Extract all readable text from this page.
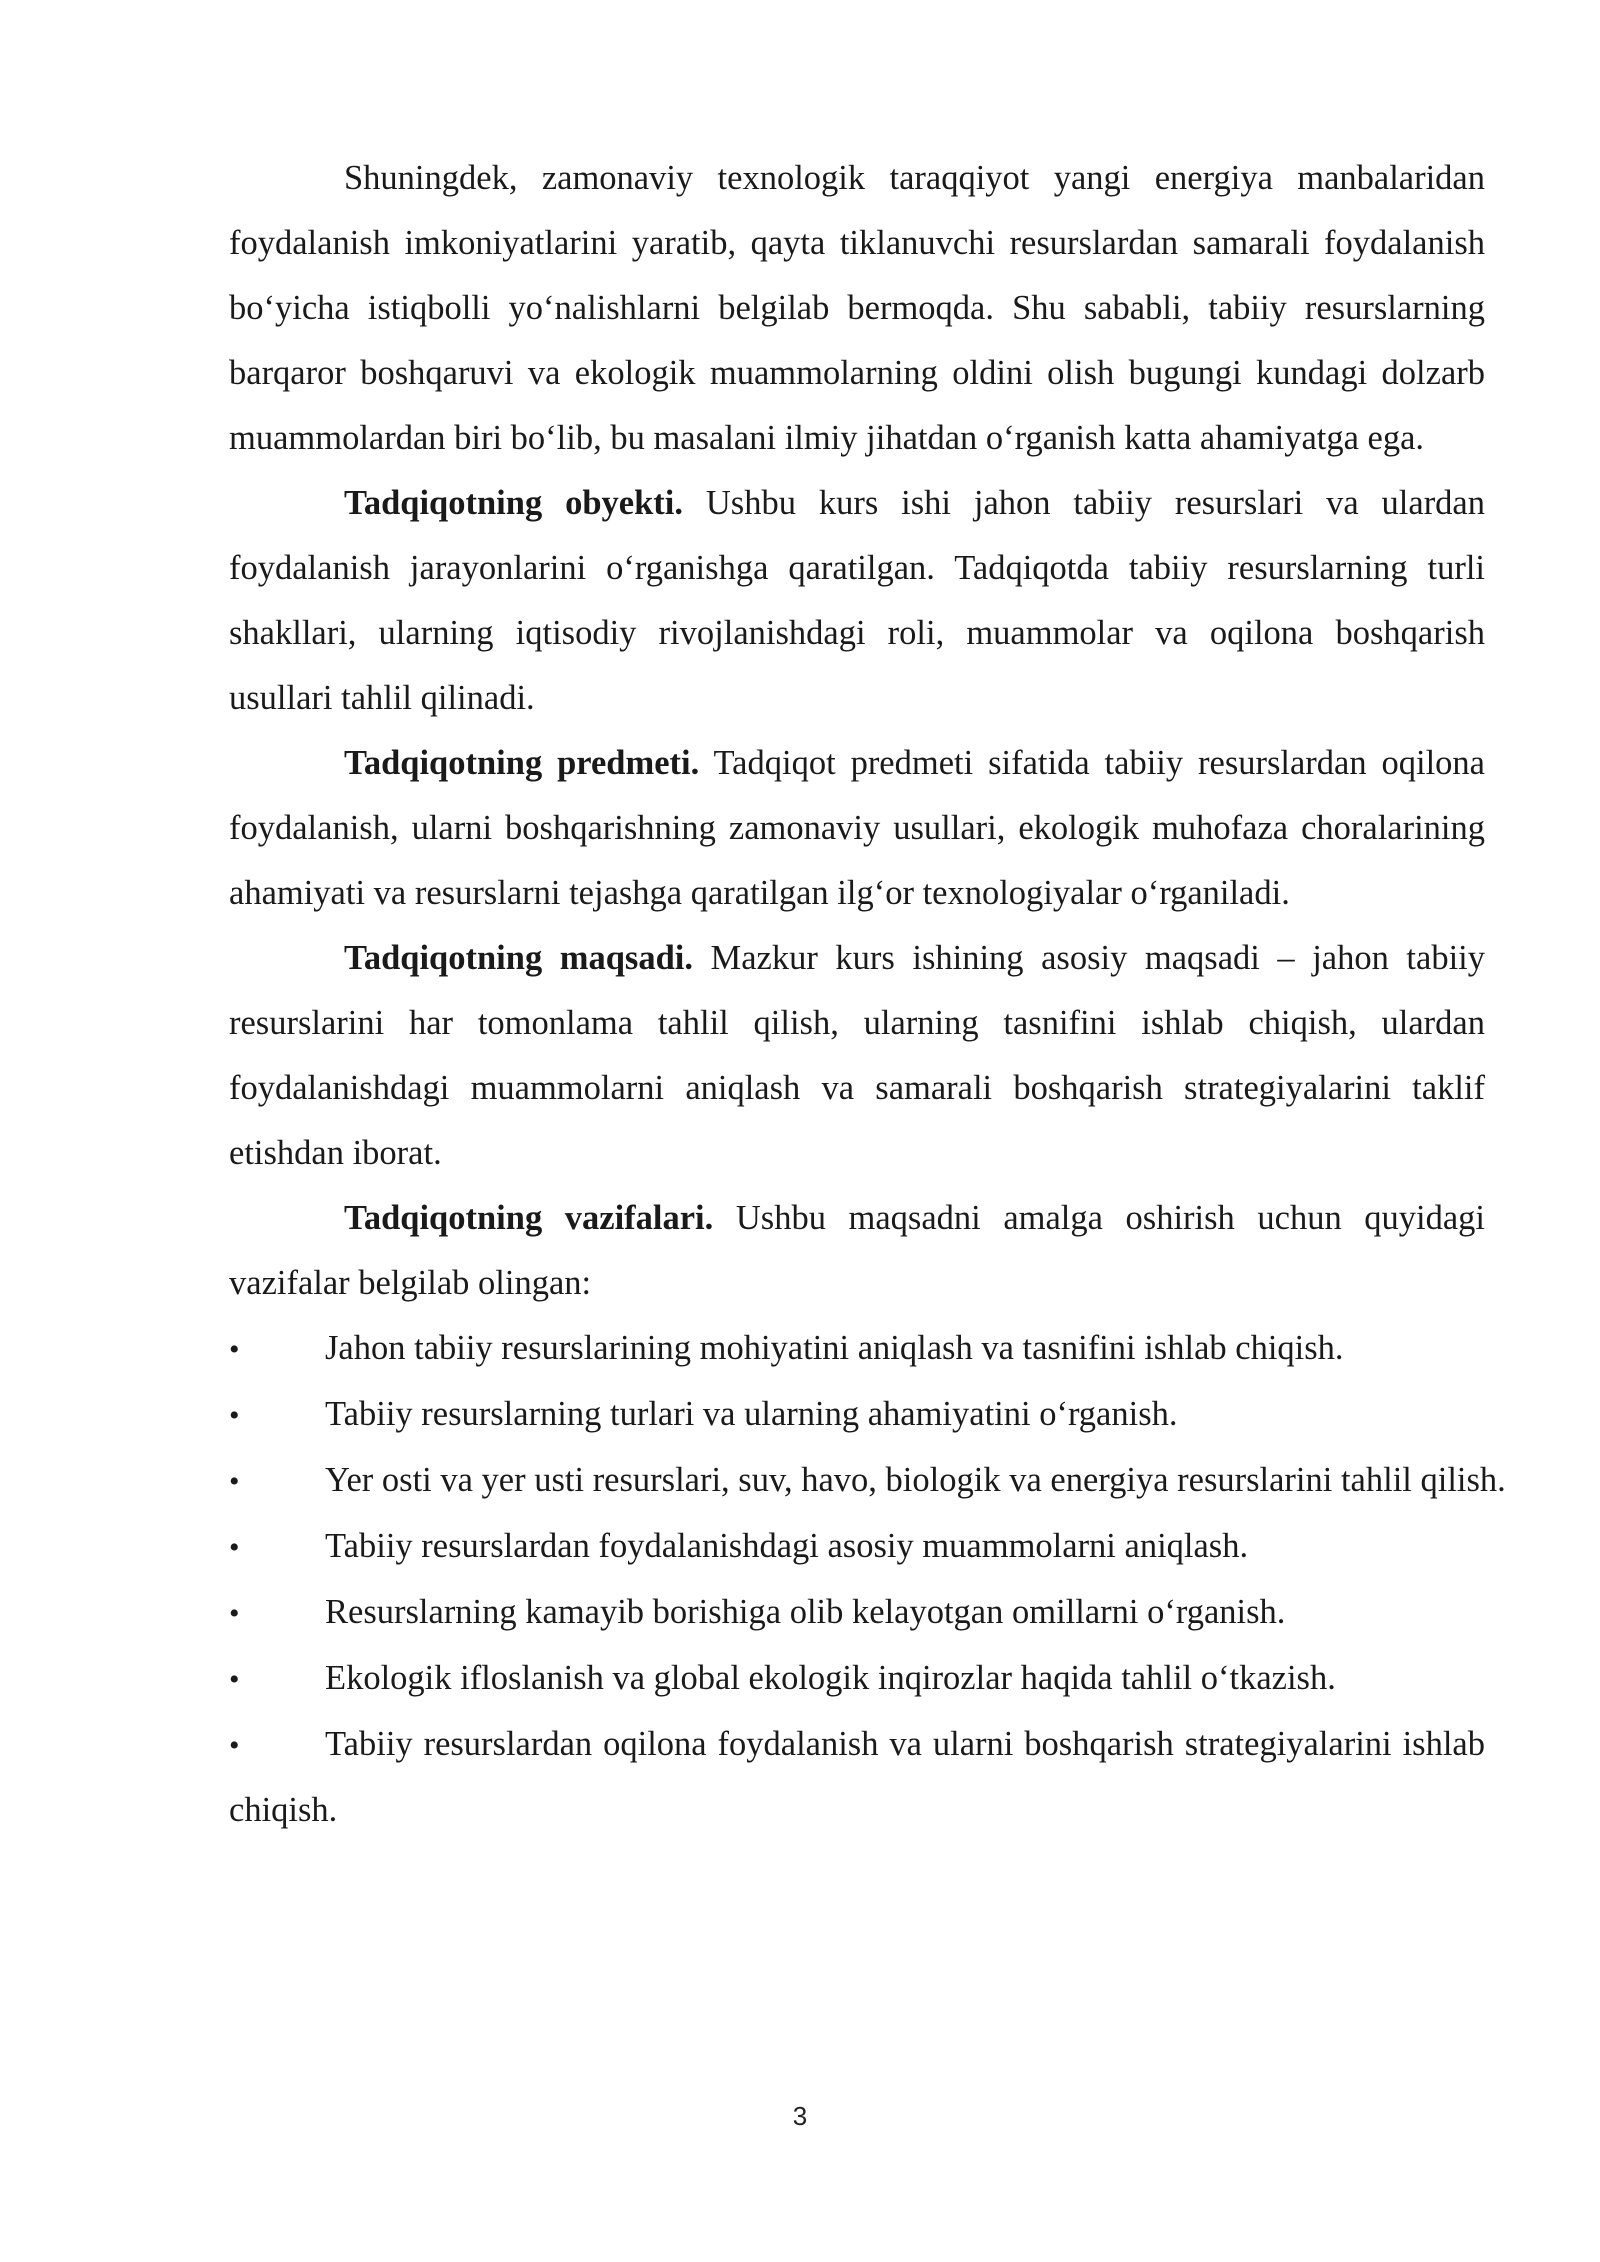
Shuningdek, zamonaviy texnologik taraqqiyot yangi energiya manbalaridan foydalanish imkoniyatlarini yaratib, qayta tiklanuvchi resurslardan samarali foydalanish bo‘yicha istiqbolli yo‘nalishlarni belgilab bermoqda. Shu sababli, tabiiy resurslarning barqaror boshqaruvi va ekologik muammolarning oldini olish bugungi kundagi dolzarb muammolardan biri bo‘lib, bu masalani ilmiy jihatdan o‘rganish katta ahamiyatga ega.

Tadqiqotning obyekti. Ushbu kurs ishi jahon tabiiy resurslari va ulardan foydalanish jarayonlarini o‘rganishga qaratilgan. Tadqiqotda tabiiy resurslarning turli shakllari, ularning iqtisodiy rivojlanishdagi roli, muammolar va oqilona boshqarish usullari tahlil qilinadi.

Tadqiqotning predmeti. Tadqiqot predmeti sifatida tabiiy resurslardan oqilona foydalanish, ularni boshqarishning zamonaviy usullari, ekologik muhofaza choralarining ahamiyati va resurslarni tejashga qaratilgan ilg‘or texnologiyalar o‘rganiladi.

Tadqiqotning maqsadi. Mazkur kurs ishining asosiy maqsadi – jahon tabiiy resurslarini har tomonlama tahlil qilish, ularning tasnifini ishlab chiqish, ulardan foydalanishdagi muammolarni aniqlash va samarali boshqarish strategiyalarini taklif etishdan iborat.

Tadqiqotning vazifalari. Ushbu maqsadni amalga oshirish uchun quyidagi vazifalar belgilab olingan:

• Jahon tabiiy resurslarining mohiyatini aniqlash va tasnifini ishlab chiqish.
• Tabiiy resurslarning turlari va ularning ahamiyatini o‘rganish.
• Yer osti va yer usti resurslari, suv, havo, biologik va energiya resurslarini tahlil qilish.
• Tabiiy resurslardan foydalanishdagi asosiy muammolarni aniqlash.
• Resurslarning kamayib borishiga olib kelayotgan omillarni o‘rganish.
• Ekologik ifloslanish va global ekologik inqirozlar haqida tahlil o‘tkazish.
• Tabiiy resurslardan oqilona foydalanish va ularni boshqarish strategiyalarini ishlab chiqish.
3
